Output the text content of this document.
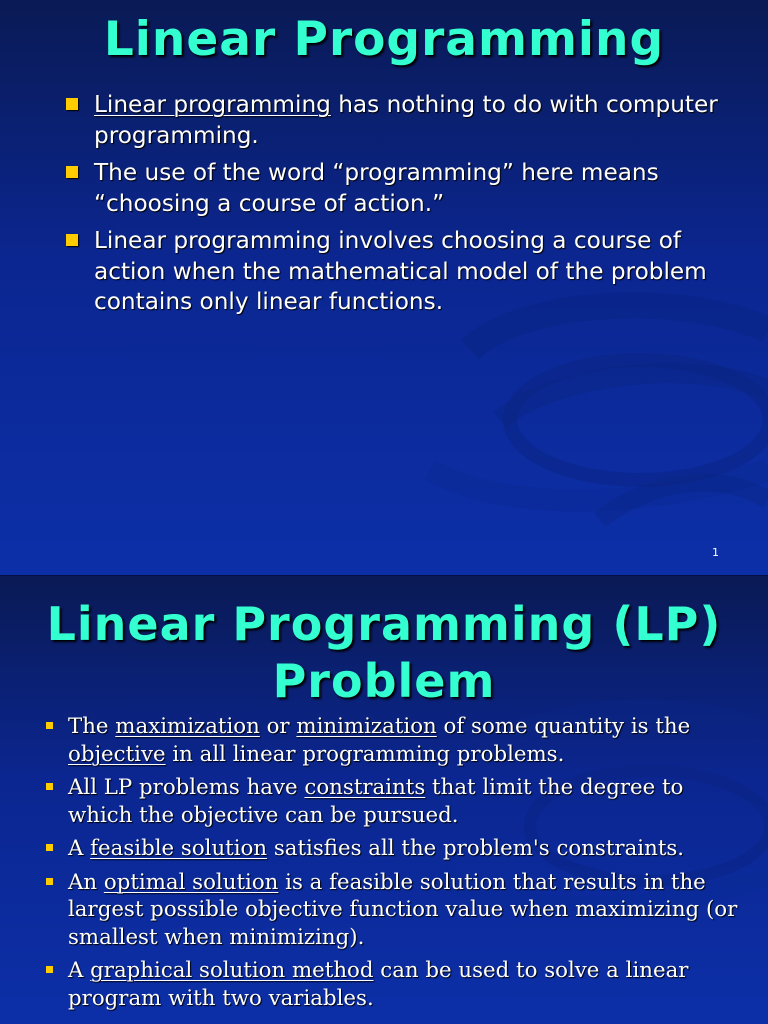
Linear Programming
Linear programming has nothing to do with computer programming.
The use of the word “programming” here means “choosing a course of action.”
Linear programming involves choosing a course of action when the mathematical model of the problem contains only linear functions.
1
Linear Programming (LP)
Problem
The maximization or minimization of some quantity is the objective in all linear programming problems.
All LP problems have constraints that limit the degree to which the objective can be pursued.
A feasible solution satisfies all the problem's constraints.
An optimal solution is a feasible solution that results in the largest possible objective function value when maximizing (or smallest when minimizing).
A graphical solution method can be used to solve a linear program with two variables.
